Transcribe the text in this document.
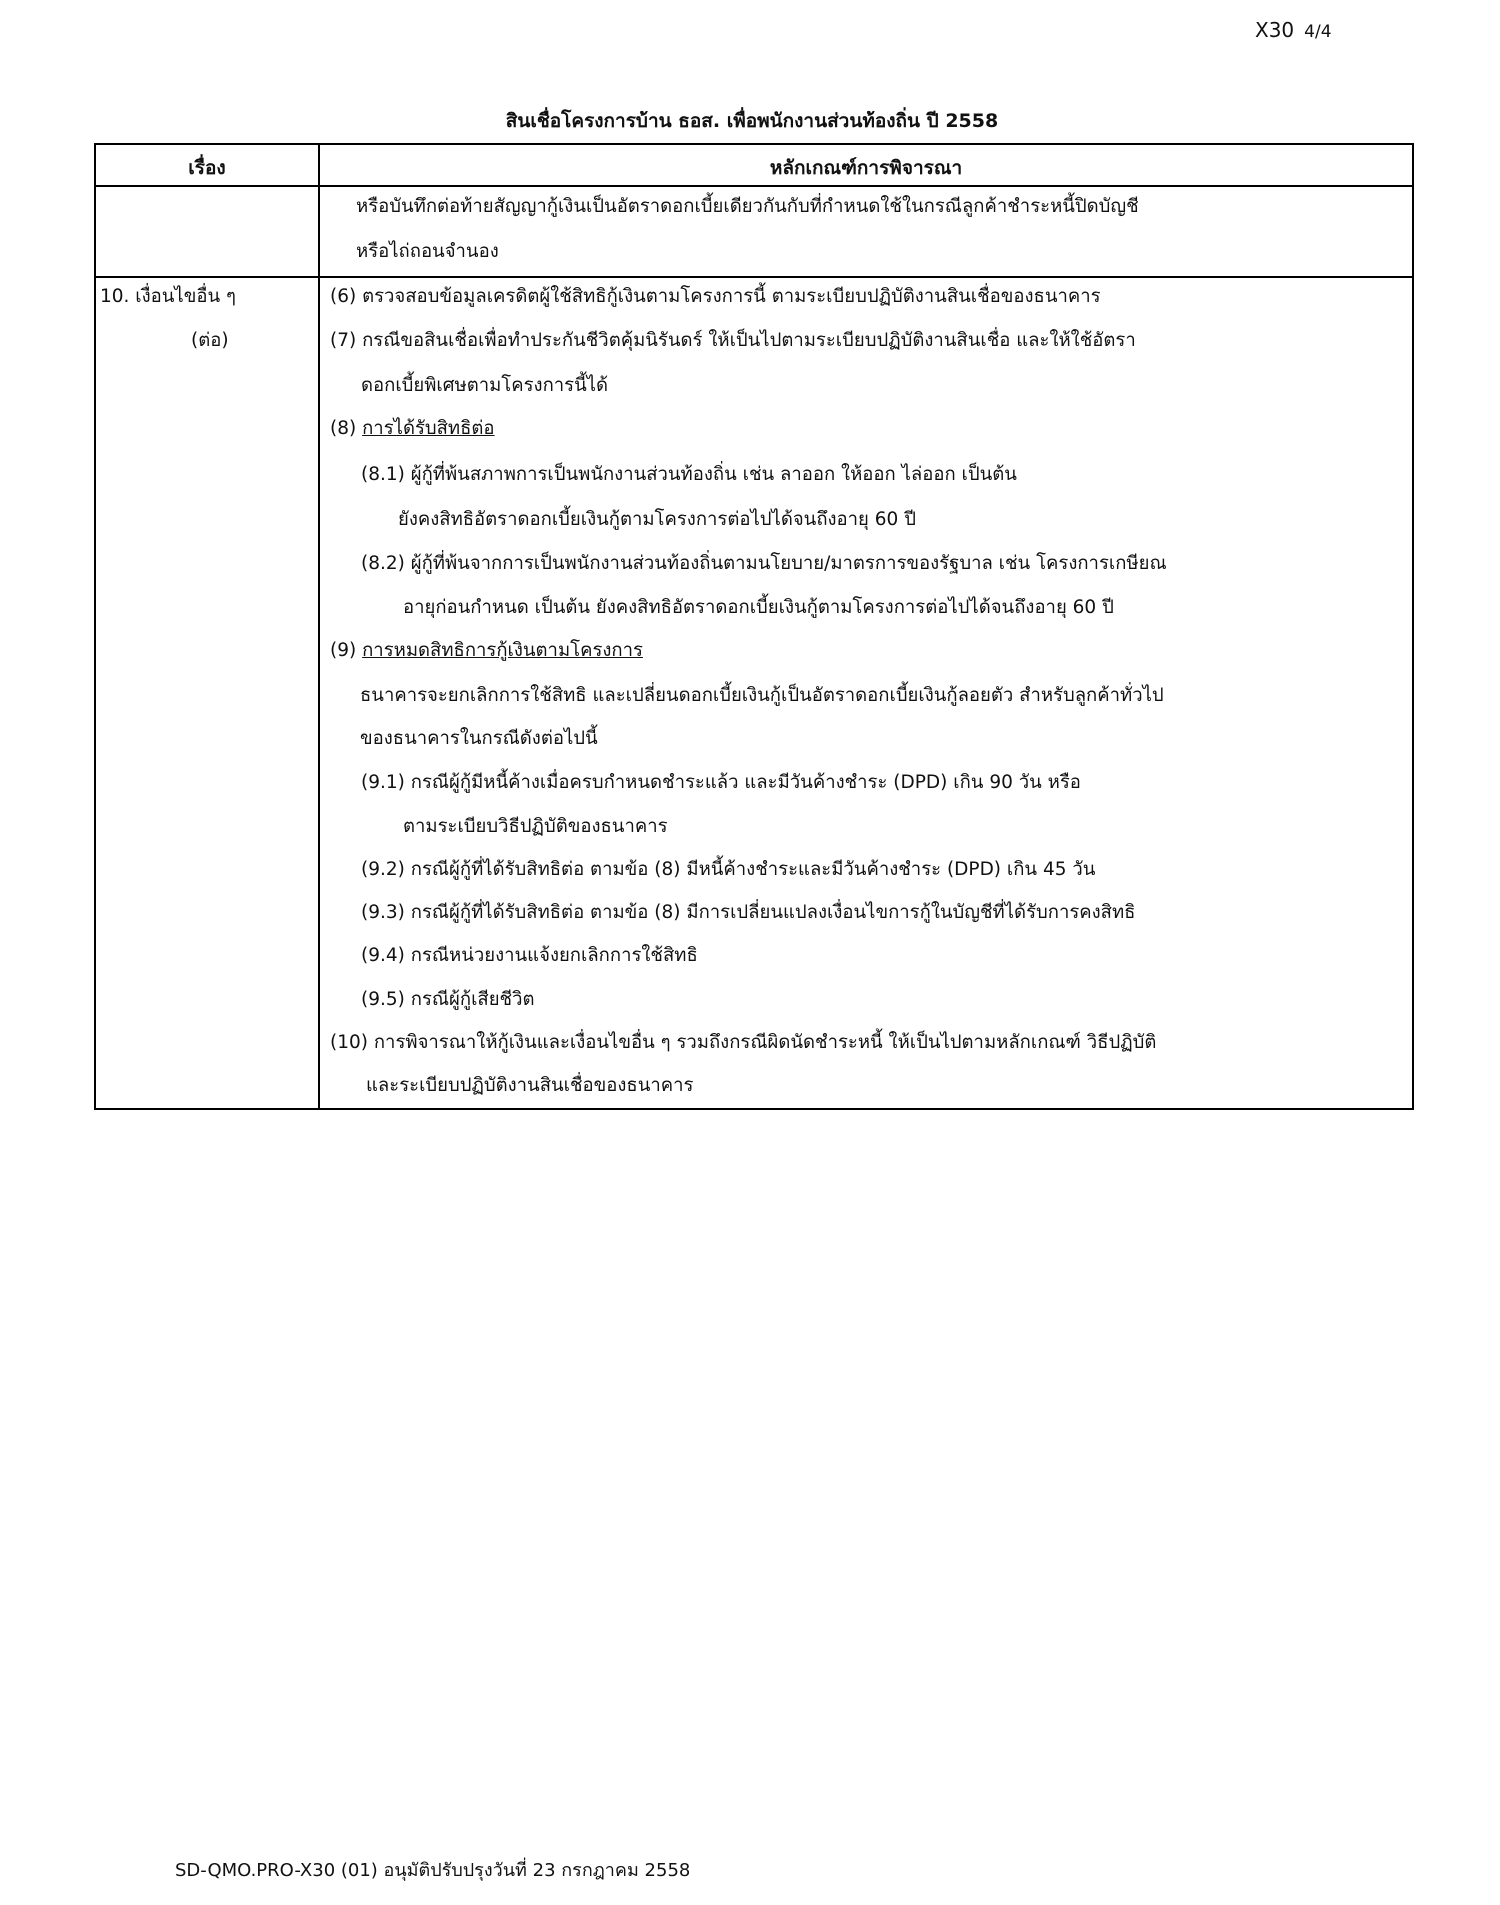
X30 4/4
สินเชื่อโครงการบ้าน ธอส. เพื่อพนักงานส่วนท้องถิ่น ปี 2558
เรื่อง	หลักเกณฑ์การพิจารณา
หรือบันทึกต่อท้ายสัญญากู้เงินเป็นอัตราดอกเบี้ยเดียวกันกับที่กำหนดใช้ในกรณีลูกค้าชำระหนี้ปิดบัญชี
หรือไถ่ถอนจำนอง
10. เงื่อนไขอื่น ๆ
(ต่อ)
(6) ตรวจสอบข้อมูลเครดิตผู้ใช้สิทธิกู้เงินตามโครงการนี้ ตามระเบียบปฏิบัติงานสินเชื่อของธนาคาร
(7) กรณีขอสินเชื่อเพื่อทำประกันชีวิตคุ้มนิรันดร์ ให้เป็นไปตามระเบียบปฏิบัติงานสินเชื่อ และให้ใช้อัตรา
ดอกเบี้ยพิเศษตามโครงการนี้ได้
(8) การได้รับสิทธิต่อ
(8.1) ผู้กู้ที่พ้นสภาพการเป็นพนักงานส่วนท้องถิ่น เช่น ลาออก ให้ออก ไล่ออก เป็นต้น
ยังคงสิทธิอัตราดอกเบี้ยเงินกู้ตามโครงการต่อไปได้จนถึงอายุ 60 ปี
(8.2) ผู้กู้ที่พ้นจากการเป็นพนักงานส่วนท้องถิ่นตามนโยบาย/มาตรการของรัฐบาล เช่น โครงการเกษียณ
อายุก่อนกำหนด เป็นต้น ยังคงสิทธิอัตราดอกเบี้ยเงินกู้ตามโครงการต่อไปได้จนถึงอายุ 60 ปี
(9) การหมดสิทธิการกู้เงินตามโครงการ
ธนาคารจะยกเลิกการใช้สิทธิ และเปลี่ยนดอกเบี้ยเงินกู้เป็นอัตราดอกเบี้ยเงินกู้ลอยตัว สำหรับลูกค้าทั่วไป
ของธนาคารในกรณีดังต่อไปนี้
(9.1) กรณีผู้กู้มีหนี้ค้างเมื่อครบกำหนดชำระแล้ว และมีวันค้างชำระ (DPD) เกิน 90 วัน หรือ
ตามระเบียบวิธีปฏิบัติของธนาคาร
(9.2) กรณีผู้กู้ที่ได้รับสิทธิต่อ ตามข้อ (8) มีหนี้ค้างชำระและมีวันค้างชำระ (DPD) เกิน 45 วัน
(9.3) กรณีผู้กู้ที่ได้รับสิทธิต่อ ตามข้อ (8) มีการเปลี่ยนแปลงเงื่อนไขการกู้ในบัญชีที่ได้รับการคงสิทธิ
(9.4) กรณีหน่วยงานแจ้งยกเลิกการใช้สิทธิ
(9.5) กรณีผู้กู้เสียชีวิต
(10) การพิจารณาให้กู้เงินและเงื่อนไขอื่น ๆ รวมถึงกรณีผิดนัดชำระหนี้ ให้เป็นไปตามหลักเกณฑ์ วิธีปฏิบัติ
และระเบียบปฏิบัติงานสินเชื่อของธนาคาร
SD-QMO.PRO-X30 (01) อนุมัติปรับปรุงวันที่ 23 กรกฎาคม 2558
